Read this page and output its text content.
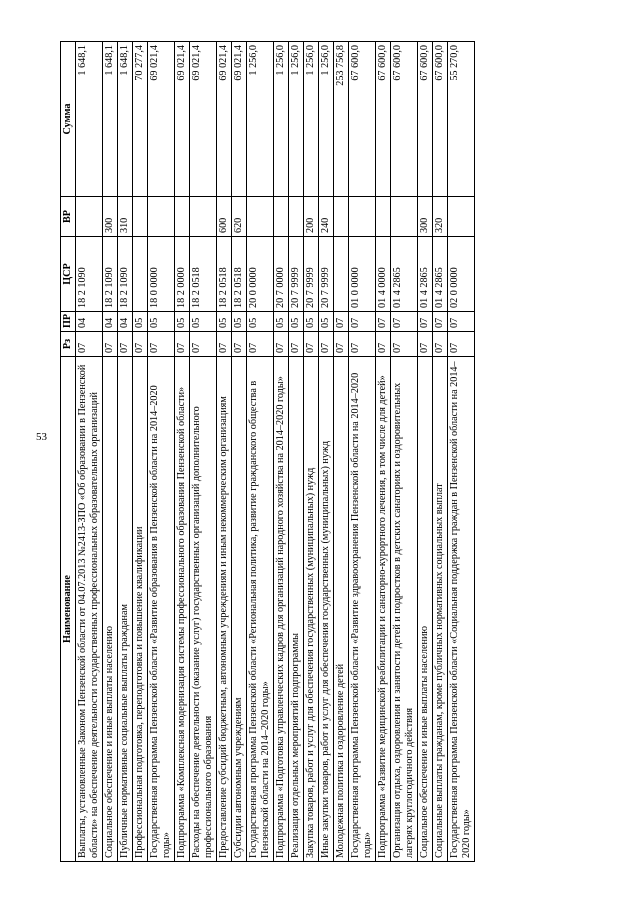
53
Наименование	Рз	ПР	ЦСР	ВР	Сумма
Выплаты, установленные Законом Пензенской области от 04.07.2013 №2413-ЗПО «Об образовании в Пензенской области» на обеспечение деятельности государственных профессиональных образовательных организаций	07	04	18 2 1090		1 648,1
Социальное обеспечение и иные выплаты населению	07	04	18 2 1090	300	1 648,1
Публичные нормативные социальные выплаты гражданам	07	04	18 2 1090	310	1 648,1
Профессиональная подготовка, переподготовка и повышение квалификации	07	05			70 277,4
Государственная программа Пензенской области «Развитие образования в Пензенской области на 2014–2020 годы»	07	05	18 0 0000		69 021,4
Подпрограмма «Комплексная модернизация системы профессионального образования Пензенской области»	07	05	18 2 0000		69 021,4
Расходы на обеспечение деятельности (оказание услуг) государственных организаций дополнительного профессионального образования	07	05	18 2 0518		69 021,4
Предоставление субсидий бюджетным, автономным учреждениям и иным некоммерческим организациям	07	05	18 2 0518	600	69 021,4
Субсидии автономным учреждениям	07	05	18 2 0518	620	69 021,4
Государственная программа Пензенской области «Региональная политика, развитие гражданского общества в Пензенской области на 2014–2020 годы»	07	05	20 0 0000		1 256,0
Подпрограмма «Подготовка управленческих кадров для организаций народного хозяйства на 2014–2020 годы»	07	05	20 7 0000		1 256,0
Реализация отдельных мероприятий подпрограммы	07	05	20 7 9999		1 256,0
Закупка товаров, работ и услуг для обеспечения государственных (муниципальных) нужд	07	05	20 7 9999	200	1 256,0
Иные закупки товаров, работ и услуг для обеспечения государственных (муниципальных) нужд	07	05	20 7 9999	240	1 256,0
Молодежная политика и оздоровление детей	07	07			253 756,8
Государственная программа Пензенской области «Развитие здравоохранения Пензенской области на 2014–2020 годы»	07	07	01 0 0000		67 600,0
Подпрограмма «Развитие медицинской реабилитации и санаторно-курортного лечения, в том числе для детей»	07	07	01 4 0000		67 600,0
Организация отдыха, оздоровления и занятости детей и подростков в детских санаториях и оздоровительных лагерях круглогодичного действия	07	07	01 4 2865		67 600,0
Социальное обеспечение и иные выплаты населению	07	07	01 4 2865	300	67 600,0
Социальные выплаты гражданам, кроме публичных нормативных социальных выплат	07	07	01 4 2865	320	67 600,0
Государственная программа Пензенской области «Социальная поддержка граждан в Пензенской области на 2014–2020 годы»	07	07	02 0 0000		55 270,0
